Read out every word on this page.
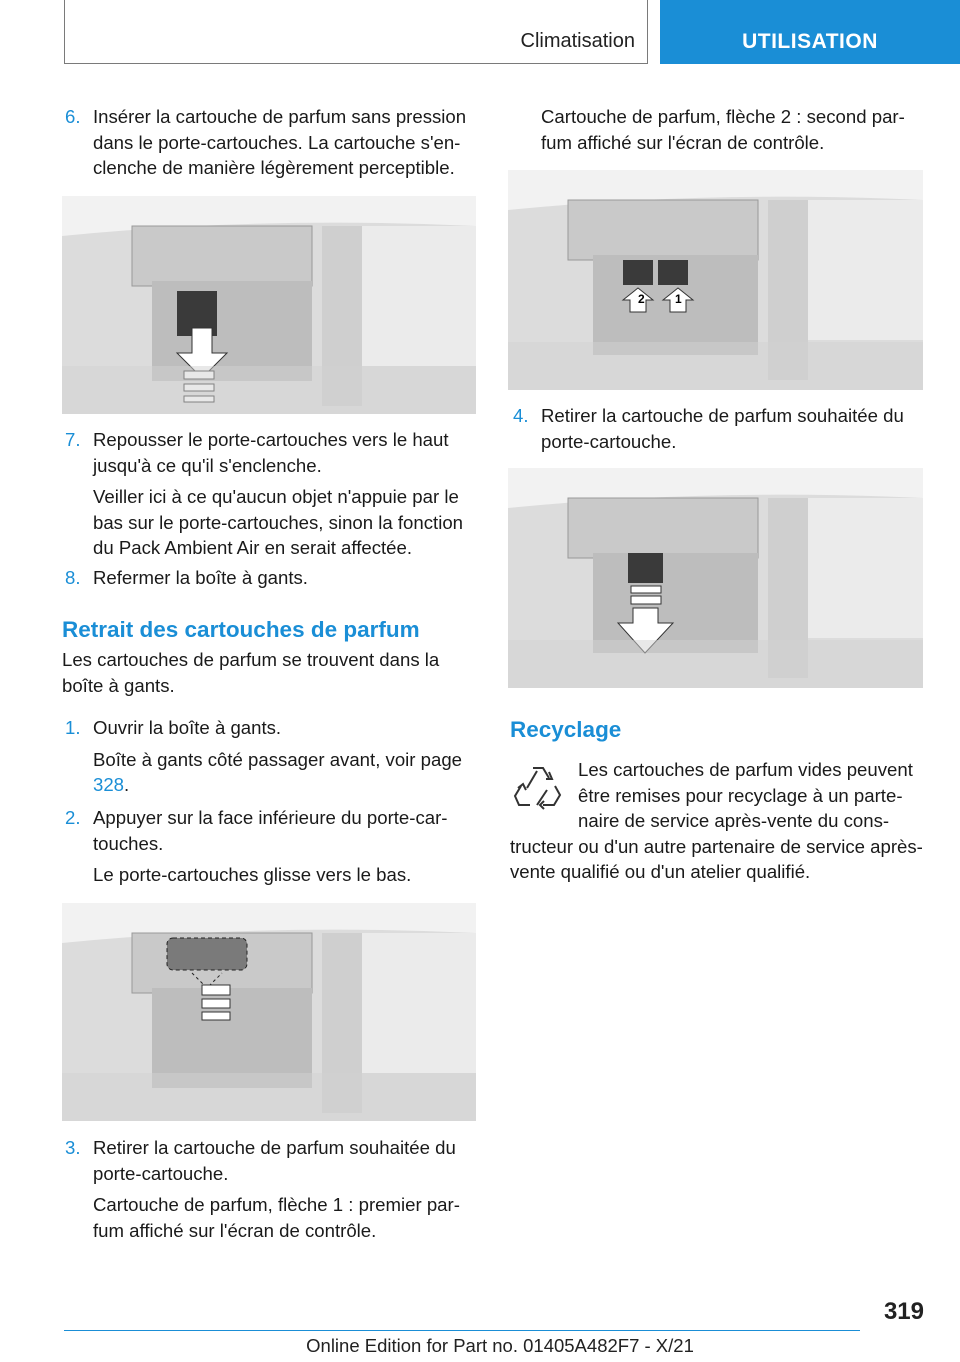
Climatisation	UTILISATION
6. Insérer la cartouche de parfum sans pression dans le porte-cartouches. La cartouche s'en-clenche de manière légèrement perceptible.

7. Repousser le porte-cartouches vers le haut jusqu'à ce qu'il s'enclenche.

Veiller ici à ce qu'aucun objet n'appuie par le bas sur le porte-cartouches, sinon la fonction du Pack Ambient Air en serait affectée.

8. Refermer la boîte à gants.

Retrait des cartouches de parfum

Les cartouches de parfum se trouvent dans la boîte à gants.

1. Ouvrir la boîte à gants.

Boîte à gants côté passager avant, voir page 328.

2. Appuyer sur la face inférieure du porte-car-touches.

Le porte-cartouches glisse vers le bas.

3. Retirer la cartouche de parfum souhaitée du porte-cartouche.

Cartouche de parfum, flèche 1 : premier par-fum affiché sur l'écran de contrôle.

Cartouche de parfum, flèche 2 : second par-fum affiché sur l'écran de contrôle.

2	1
4. Retirer la cartouche de parfum souhaitée du porte-cartouche.

Recyclage

Les cartouches de parfum vides peuvent être remises pour recyclage à un parte-naire de service après-vente du cons-tructeur ou d'un autre partenaire de service après-vente qualifié ou d'un atelier qualifié.

319
Online Edition for Part no. 01405A482F7 - X/21
